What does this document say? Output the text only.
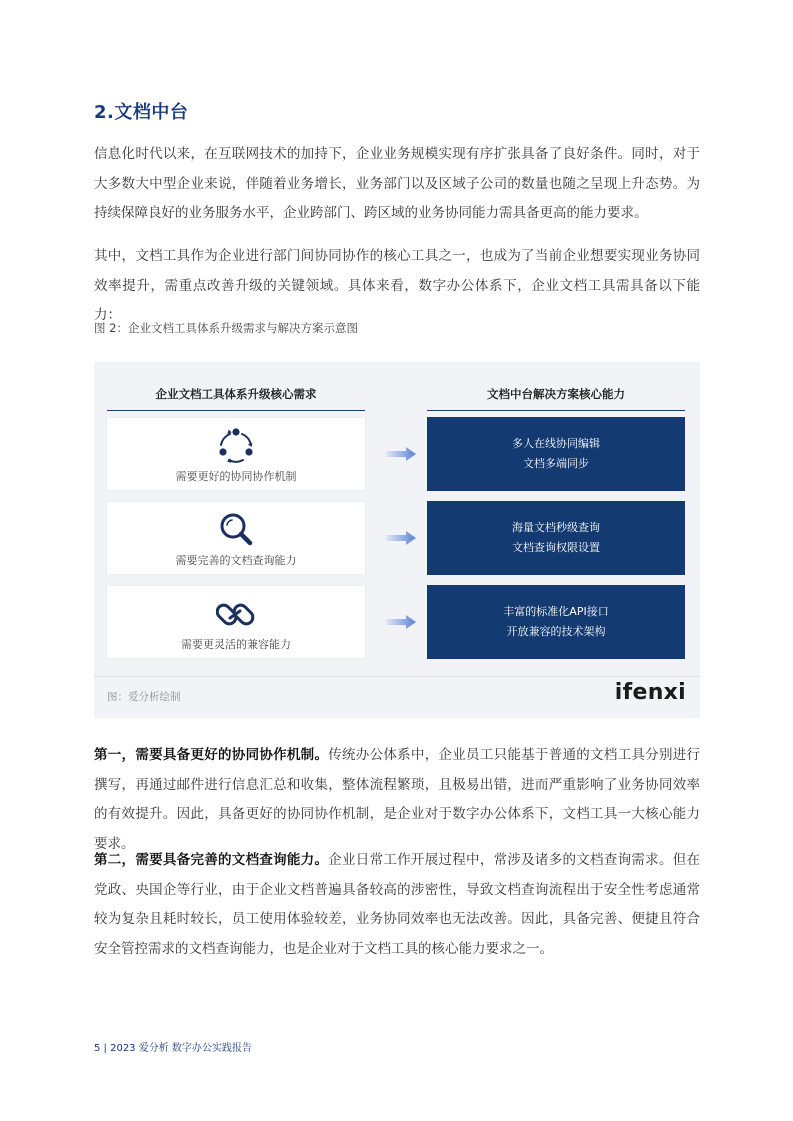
2.文档中台

信息化时代以来，在互联网技术的加持下，企业业务规模实现有序扩张具备了良好条件。同时，对于大多数大中型企业来说，伴随着业务增长，业务部门以及区域子公司的数量也随之呈现上升态势。为持续保障良好的业务服务水平，企业跨部门、跨区域的业务协同能力需具备更高的能力要求。

其中，文档工具作为企业进行部门间协同协作的核心工具之一，也成为了当前企业想要实现业务协同效率提升，需重点改善升级的关键领域。具体来看，数字办公体系下，企业文档工具需具备以下能力：

图 2：企业文档工具体系升级需求与解决方案示意图

企业文档工具体系升级核心需求	文档中台解决方案核心能力
需要更好的协同协作机制
需要完善的文档查询能力
需要更灵活的兼容能力
多人在线协同编辑
文档多端同步
海量文档秒级查询
文档查询权限设置
丰富的标准化API接口
开放兼容的技术架构
图：爱分析绘制	ifenxi

第一，需要具备更好的协同协作机制。传统办公体系中，企业员工只能基于普通的文档工具分别进行撰写，再通过邮件进行信息汇总和收集，整体流程繁琐，且极易出错，进而严重影响了业务协同效率的有效提升。因此，具备更好的协同协作机制，是企业对于数字办公体系下，文档工具一大核心能力要求。

第二，需要具备完善的文档查询能力。企业日常工作开展过程中，常涉及诸多的文档查询需求。但在党政、央国企等行业，由于企业文档普遍具备较高的涉密性，导致文档查询流程出于安全性考虑通常较为复杂且耗时较长，员工使用体验较差，业务协同效率也无法改善。因此，具备完善、便捷且符合安全管控需求的文档查询能力，也是企业对于文档工具的核心能力要求之一。

5 | 2023 爱分析 数字办公实践报告
